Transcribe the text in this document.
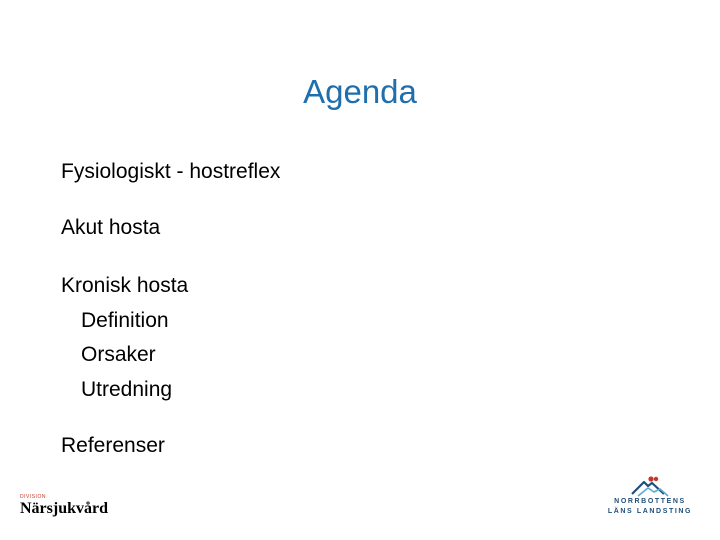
Agenda
Fysiologiskt - hostreflex
Akut hosta
Kronisk hosta
Definition
Orsaker
Utredning
Referenser
DIVISION
Närsjukvård	NORRBOTTENS
LÄNS LANDSTING
